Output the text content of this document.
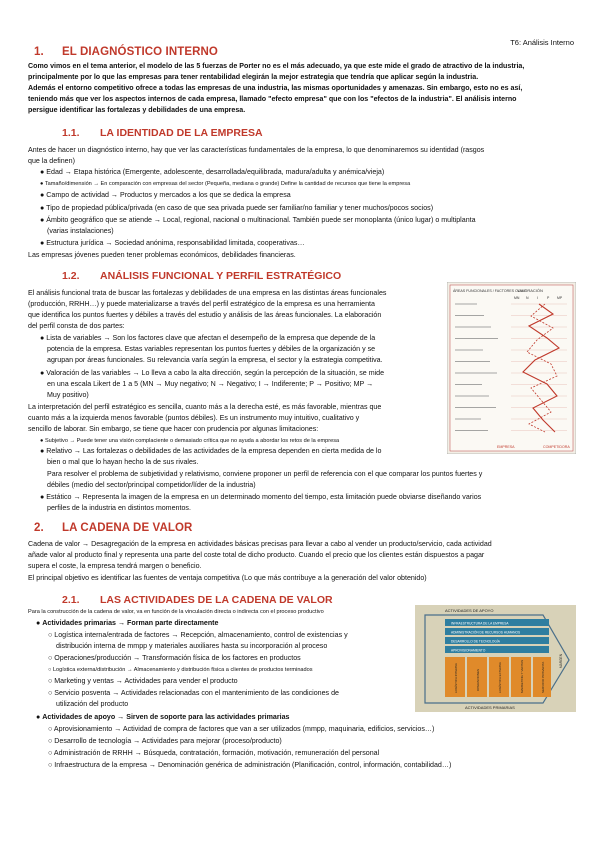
T6: Análisis Interno
1. EL DIAGNÓSTICO INTERNO
Como vimos en el tema anterior, el modelo de las 5 fuerzas de Porter no es el más adecuado, ya que este mide el grado de atractivo de la industria,
principalmente por lo que las empresas para tener rentabilidad elegirán la mejor estrategia que tendría que aplicar según la industria.
Además el entorno competitivo ofrece a todas las empresas de una industria, las mismas oportunidades y amenazas. Sin embargo, esto no es así,
teniendo más que ver los aspectos internos de cada empresa, llamado "efecto empresa" que con los "efectos de la industria". El análisis interno
persigue identificar las fortalezas y debilidades de una empresa.
1.1. LA IDENTIDAD DE LA EMPRESA
Antes de hacer un diagnóstico interno, hay que ver las características fundamentales de la empresa, lo que denominaremos su identidad (rasgos
que la definen)
● Edad → Etapa histórica (Emergente, adolescente, desarrollada/equilibrada, madura/adulta y anémica/vieja)
● Tamaño/dimensión → En comparación con empresas del sector (Pequeña, mediana o grande) Define la cantidad de recursos que tiene la empresa
● Campo de actividad → Productos y mercados a los que se dedica la empresa
● Tipo de propiedad pública/privada (en caso de que sea privada puede ser familiar/no familiar y tener muchos/pocos socios)
● Ámbito geográfico que se atiende → Local, regional, nacional o multinacional. También puede ser monoplanta (único lugar) o multiplanta
(varias instalaciones)
● Estructura jurídica → Sociedad anónima, responsabilidad limitada, cooperativas…
Las empresas jóvenes pueden tener problemas económicos, debilidades financieras.
1.2. ANÁLISIS FUNCIONAL Y PERFIL ESTRATÉGICO
El análisis funcional trata de buscar las fortalezas y debilidades de una empresa en las distintas áreas funcionales
(producción, RRHH…) y puede materializarse a través del perfil estratégico de la empresa es una herramienta
que identifica los puntos fuertes y débiles a través del estudio y análisis de las áreas funcionales. La elaboración
del perfil consta de dos partes:
● Lista de variables → Son los factores clave que afectan el desempeño de la empresa que depende de la
potencia de la empresa. Estas variables representan los puntos fuertes y débiles de la organización y se
agrupan por áreas funcionales. Su relevancia varía según la empresa, el sector y la estrategia competitiva.
● Valoración de las variables → Lo lleva a cabo la alta dirección, según la percepción de la situación, se mide
en una escala Likert de 1 a 5 (MN → Muy negativo; N → Negativo; I → Indiferente; P → Positivo; MP →
Muy positivo)
La interpretación del perfil estratégico es sencilla, cuanto más a la derecha esté, es más favorable, mientras que
cuanto más a la izquierda menos favorable (puntos débiles). Es un instrumento muy intuitivo, cualitativo y
sencillo de laborar. Sin embargo, se tiene que hacer con prudencia por algunas limitaciones:
● Subjetivo → Puede tener una visión complaciente o demasiado crítica que no ayuda a abordar los retos de la empresa
● Relativo → Las fortalezas o debilidades de las actividades de la empresa dependen en cierta medida de lo
bien o mal que lo hayan hecho la de sus rivales.
Para resolver el problema de subjetividad y relativismo, conviene proponer un perfil de referencia con el que comparar los puntos fuertes y
débiles (medio del sector/principal competidor/líder de la industria)
● Estático → Representa la imagen de la empresa en un determinado momento del tiempo, esta limitación puede obviarse diseñando varios
perfiles de la industria en distintos momentos.
2. LA CADENA DE VALOR
Cadena de valor → Desagregación de la empresa en actividades básicas precisas para llevar a cabo al vender un producto/servicio, cada actividad
añade valor al producto final y representa una parte del coste total de dicho producto. Cuando el precio que los clientes están dispuestos a pagar
supera el coste, la empresa tendrá margen o beneficio.
El principal objetivo es identificar las fuentes de ventaja competitiva (Lo que más contribuye a la generación del valor obtenido)
2.1. LAS ACTIVIDADES DE LA CADENA DE VALOR
Para la construcción de la cadena de valor, va en función de la vinculación directa o indirecta con el proceso productivo
● Actividades primarias → Forman parte directamente
○ Logística interna/entrada de factores → Recepción, almacenamiento, control de existencias y
distribución interna de mmpp y materiales auxiliares hasta su incorporación al proceso
○ Operaciones/producción → Transformación física de los factores en productos
○ Logística externa/distribución → Almacenamiento y distribución física a clientes de productos terminados
○ Marketing y ventas → Actividades para vender el producto
○ Servicio posventa → Actividades relacionadas con el mantenimiento de las condiciones de
utilización del producto
● Actividades de apoyo → Sirven de soporte para las actividades primarias
○ Aprovisionamiento → Actividad de compra de factores que van a ser utilizados (mmpp, maquinaria, edificios, servicios…)
○ Desarrollo de tecnología → Actividades para mejorar (proceso/producto)
○ Administración de RRHH → Búsqueda, contratación, formación, motivación, remuneración del personal
○ Infraestructura de la empresa → Denominación genérica de administración (Planificación, control, información, contabilidad…)
ÁREAS FUNCIONALES / FACTORES CLAVE
VALORACIÓN
MN N I	P MP
EMPRESA	COMPETIDORA
ACTIVIDADES DE APOYO
INFRAESTRUCTURA DE LA EMPRESA
ADMINISTRACIÓN DE RECURSOS HUMANOS
DESARROLLO DE TECNOLOGÍA
APROVISIONAMIENTO
LOGÍSTICA INTERNA	OPERACIONES	LOGÍSTICA EXTERNA	MARKETING Y VENTAS	SERVICIO POSVENTA
MARGEN
ACTIVIDADES PRIMARIAS
